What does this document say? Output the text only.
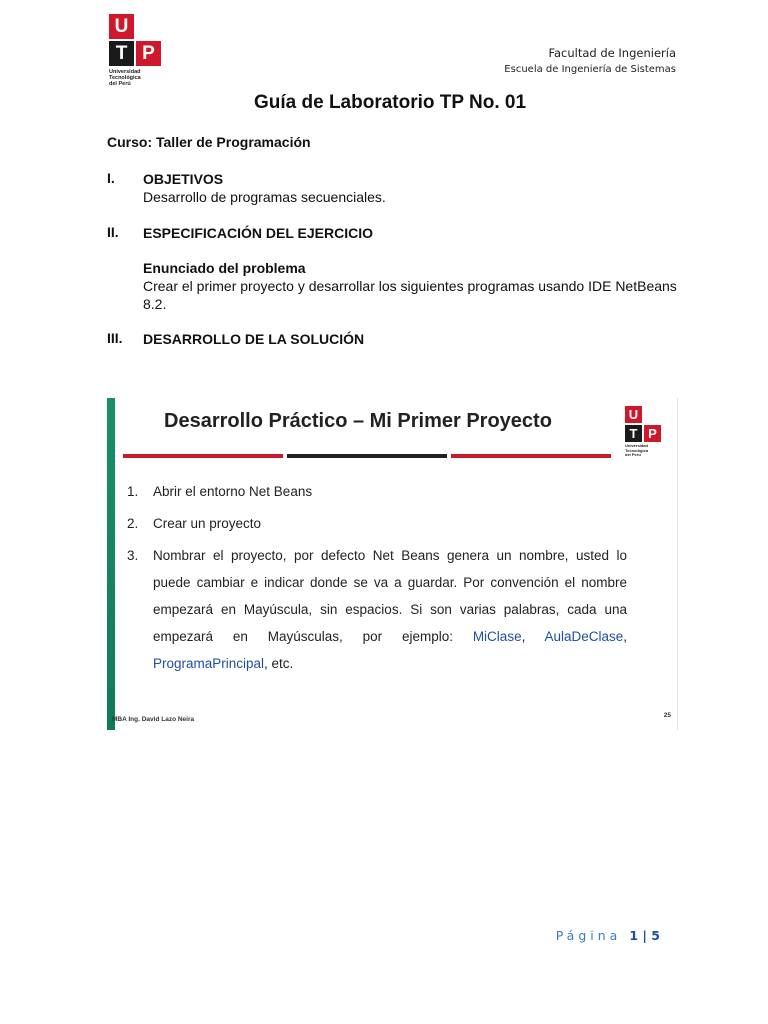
U
T P
Universidad
Tecnológica
del Perú
Facultad de Ingeniería
Escuela de Ingeniería de Sistemas
Guía de Laboratorio TP No. 01
Curso: Taller de Programación
I. OBJETIVOS
Desarrollo de programas secuenciales.
II. ESPECIFICACIÓN DEL EJERCICIO
Enunciado del problema
Crear el primer proyecto y desarrollar los siguientes programas usando IDE NetBeans 8.2.
III. DESARROLLO DE LA SOLUCIÓN
Desarrollo Práctico – Mi Primer Proyecto	U
T P
Universidad
Tecnológica
del Perú
1. Abrir el entorno Net Beans
2. Crear un proyecto
3. Nombrar el proyecto, por defecto Net Beans genera un nombre, usted lo puede cambiar e indicar donde se va a guardar. Por convención el nombre empezará en Mayúscula, sin espacios. Si son varias palabras, cada una empezará en Mayúsculas, por ejemplo: MiClase, AulaDeClase, ProgramaPrincipal, etc.
MBA Ing. David Lazo Neira
25
Página 1 | 5
